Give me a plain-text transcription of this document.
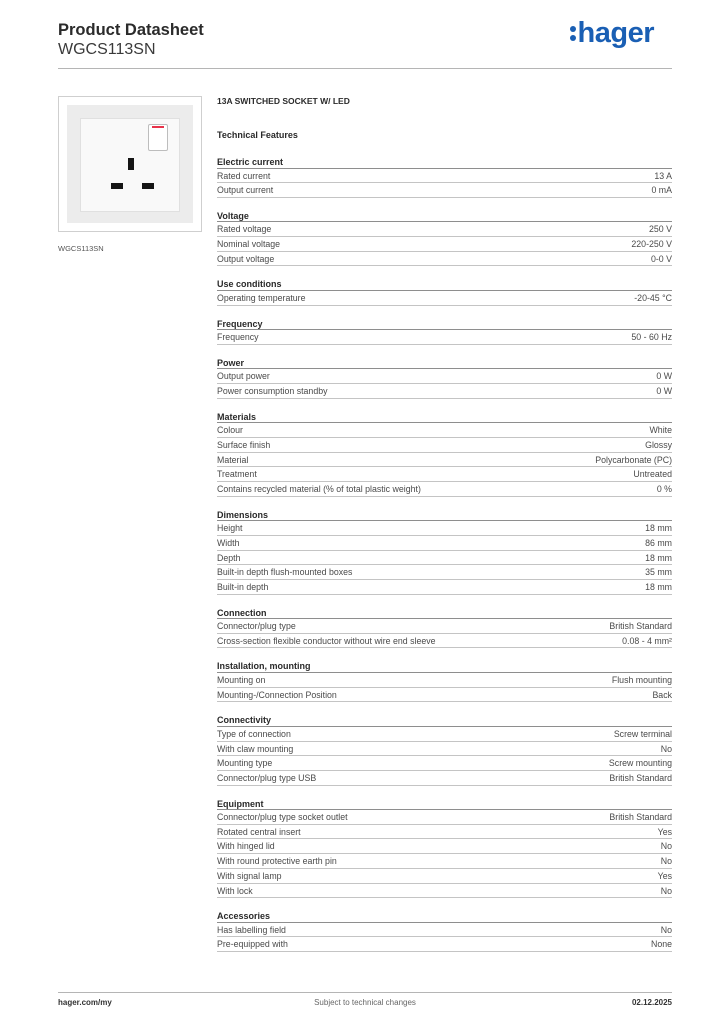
Product Datasheet
WGCS113SN
hager
WGCS113SN
13A SWITCHED SOCKET W/ LED
Technical Features
Electric current
Rated current	13 A
Output current	0 mA
Voltage
Rated voltage	250 V
Nominal voltage	220-250 V
Output voltage	0-0 V
Use conditions
Operating temperature	-20-45 °C
Frequency
Frequency	50 - 60 Hz
Power
Output power	0 W
Power consumption standby	0 W
Materials
Colour	White
Surface finish	Glossy
Material	Polycarbonate (PC)
Treatment	Untreated
Contains recycled material (% of total plastic weight)	0 %
Dimensions
Height	18 mm
Width	86 mm
Depth	18 mm
Built-in depth flush-mounted boxes	35 mm
Built-in depth	18 mm
Connection
Connector/plug type	British Standard
Cross-section flexible conductor without wire end sleeve	0.08 - 4 mm²
Installation, mounting
Mounting on	Flush mounting
Mounting-/Connection Position	Back
Connectivity
Type of connection	Screw terminal
With claw mounting	No
Mounting type	Screw mounting
Connector/plug type USB	British Standard
Equipment
Connector/plug type socket outlet	British Standard
Rotated central insert	Yes
With hinged lid	No
With round protective earth pin	No
With signal lamp	Yes
With lock	No
Accessories
Has labelling field	No
Pre-equipped with	None
hager.com/my	Subject to technical changes	02.12.2025
